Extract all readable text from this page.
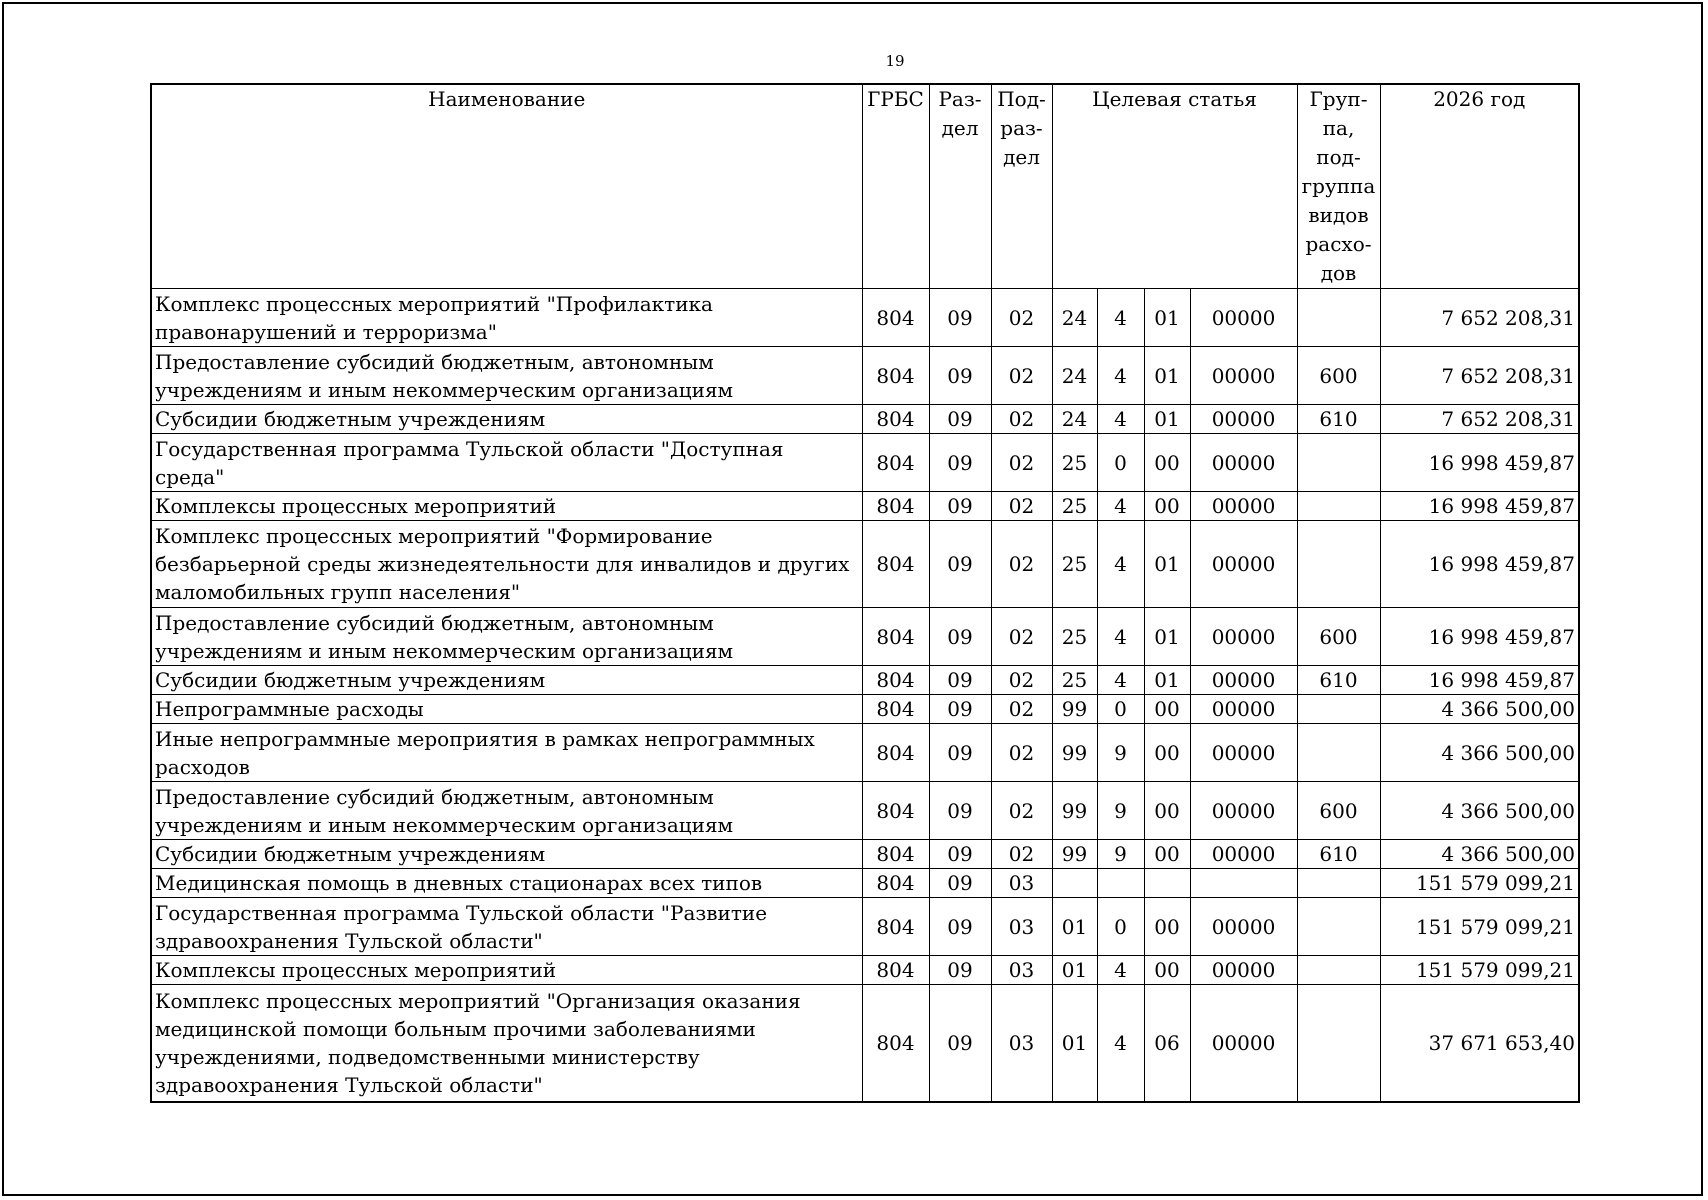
19
Наименование	ГРБС	Раз-дел	Под-раз-дел	Целевая статья				Груп-па, под-группа видов расхо-дов	2026 год
Комплекс процессных мероприятий "Профилактика правонарушений и терроризма"	804	09	02	24	4	01	00000		7 652 208,31
Предоставление субсидий бюджетным, автономным учреждениям и иным некоммерческим организациям	804	09	02	24	4	01	00000	600	7 652 208,31
Субсидии бюджетным учреждениям	804	09	02	24	4	01	00000	610	7 652 208,31
Государственная программа Тульской области "Доступная среда"	804	09	02	25	0	00	00000		16 998 459,87
Комплексы процессных мероприятий	804	09	02	25	4	00	00000		16 998 459,87
Комплекс процессных мероприятий "Формирование безбарьерной среды жизнедеятельности для инвалидов и других маломобильных групп населения"	804	09	02	25	4	01	00000		16 998 459,87
Предоставление субсидий бюджетным, автономным учреждениям и иным некоммерческим организациям	804	09	02	25	4	01	00000	600	16 998 459,87
Субсидии бюджетным учреждениям	804	09	02	25	4	01	00000	610	16 998 459,87
Непрограммные расходы	804	09	02	99	0	00	00000		4 366 500,00
Иные непрограммные мероприятия в рамках непрограммных расходов	804	09	02	99	9	00	00000		4 366 500,00
Предоставление субсидий бюджетным, автономным учреждениям и иным некоммерческим организациям	804	09	02	99	9	00	00000	600	4 366 500,00
Субсидии бюджетным учреждениям	804	09	02	99	9	00	00000	610	4 366 500,00
Медицинская помощь в дневных стационарах всех типов	804	09	03						151 579 099,21
Государственная программа Тульской области "Развитие здравоохранения Тульской области"	804	09	03	01	0	00	00000		151 579 099,21
Комплексы процессных мероприятий	804	09	03	01	4	00	00000		151 579 099,21
Комплекс процессных мероприятий "Организация оказания медицинской помощи больным прочими заболеваниями учреждениями, подведомственными министерству здравоохранения Тульской области"	804	09	03	01	4	06	00000		37 671 653,40
